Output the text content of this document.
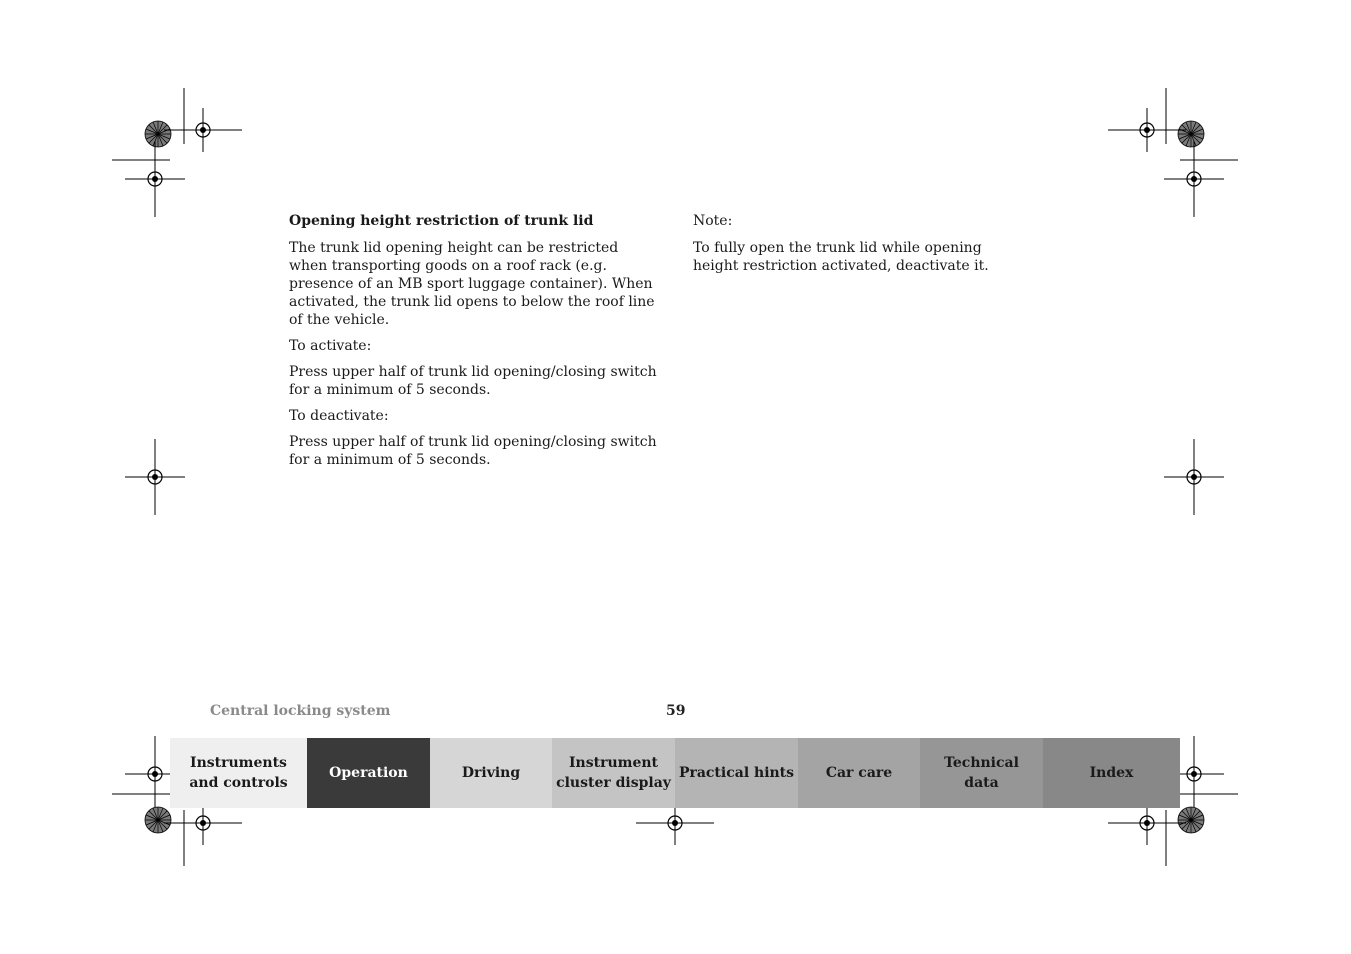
Opening height restriction of trunk lid

The trunk lid opening height can be restricted when transporting goods on a roof rack (e.g. presence of an MB sport luggage container). When activated, the trunk lid opens to below the roof line of the vehicle.

To activate:

Press upper half of trunk lid opening/closing switch for a minimum of 5 seconds.

To deactivate:

Press upper half of trunk lid opening/closing switch for a minimum of 5 seconds.

Note:

To fully open the trunk lid while opening height restriction activated, deactivate it.

Central locking system	59
Instruments
and controls
Operation	Driving
Instrument
cluster display
Practical hints Car care
Technical
data
Index
